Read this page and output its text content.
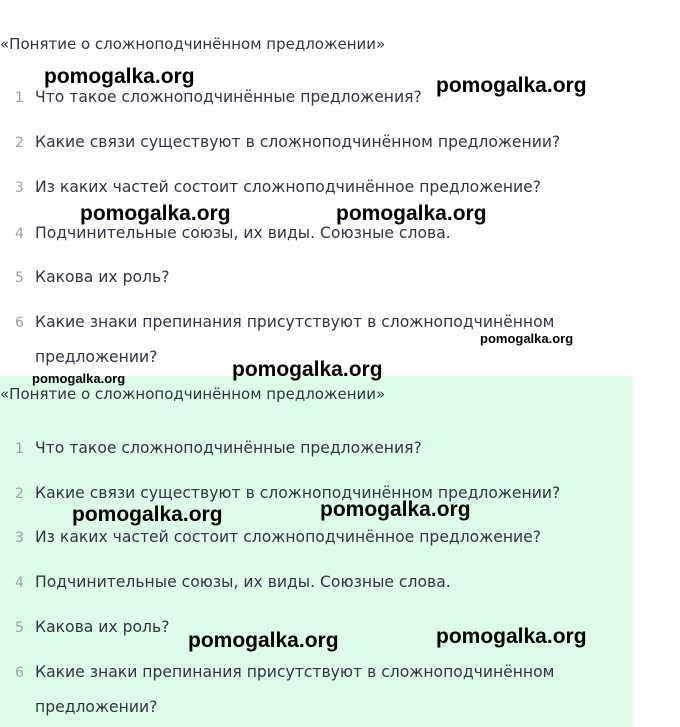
«Понятие о сложноподчинённом предложении»
1 Что такое сложноподчинённые предложения?
2 Какие связи существуют в сложноподчинённом предложении?
3 Из каких частей состоит сложноподчинённое предложение?
4 Подчинительные союзы, их виды. Союзные слова.
5 Какова их роль?
6 Какие знаки препинания присутствуют в сложноподчинённом предложении?
«Понятие о сложноподчинённом предложении»
1 Что такое сложноподчинённые предложения?
2 Какие связи существуют в сложноподчинённом предложении?
3 Из каких частей состоит сложноподчинённое предложение?
4 Подчинительные союзы, их виды. Союзные слова.
5 Какова их роль?
6 Какие знаки препинания присутствуют в сложноподчинённом предложении?
pomogalka.org	pomogalka.org
pomogalka.org	pomogalka.org
pomogalka.org
pomogalka.org
pomogalka.org
pomogalka.org	pomogalka.org
pomogalka.org	pomogalka.org
